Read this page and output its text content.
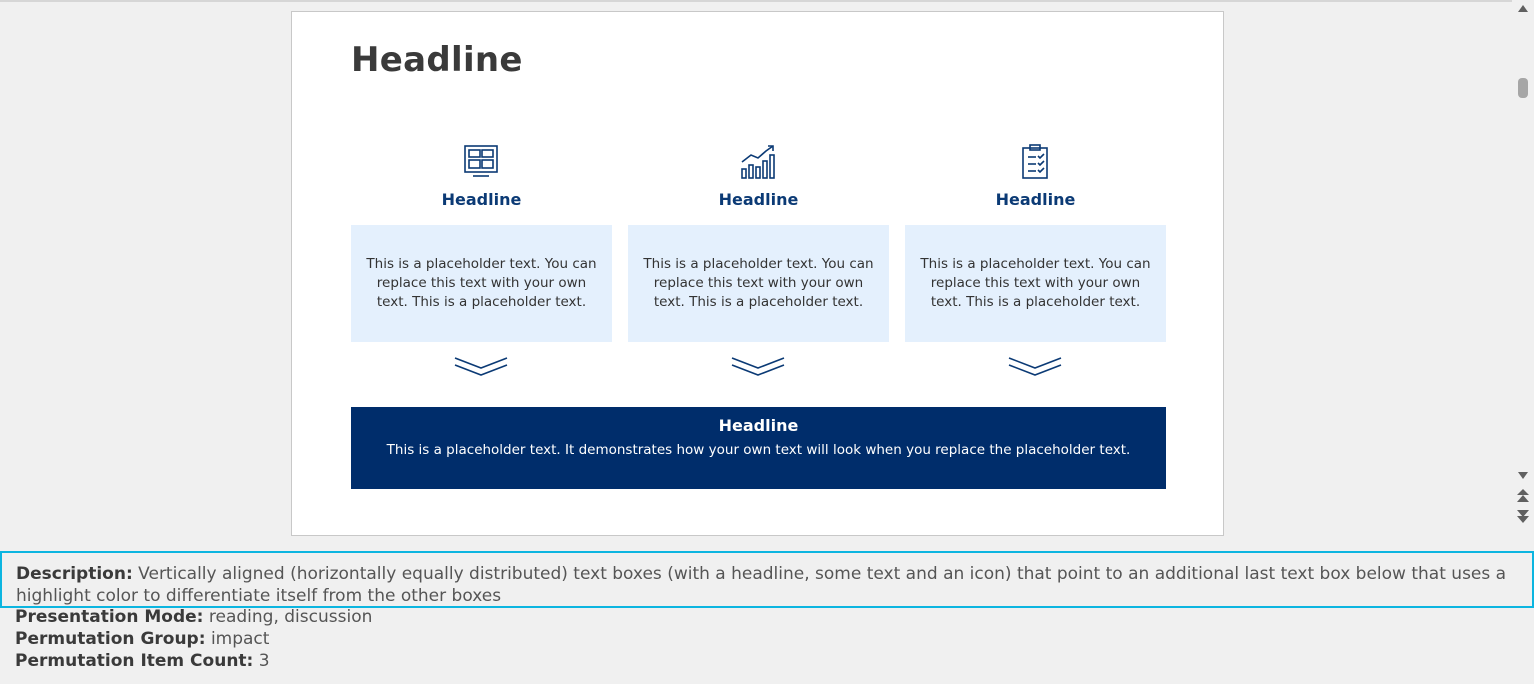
Headline
Headline
This is a placeholder text. You can replace this text with your own text. This is a placeholder text.
Headline
This is a placeholder text. You can replace this text with your own text. This is a placeholder text.
Headline
This is a placeholder text. You can replace this text with your own text. This is a placeholder text.
Headline
This is a placeholder text. It demonstrates how your own text will look when you replace the placeholder text.
Description: Vertically aligned (horizontally equally distributed) text boxes (with a headline, some text and an icon) that point to an additional last text box below that uses a highlight color to differentiate itself from the other boxes
Presentation Mode: reading, discussion
Permutation Group: impact
Permutation Item Count: 3
